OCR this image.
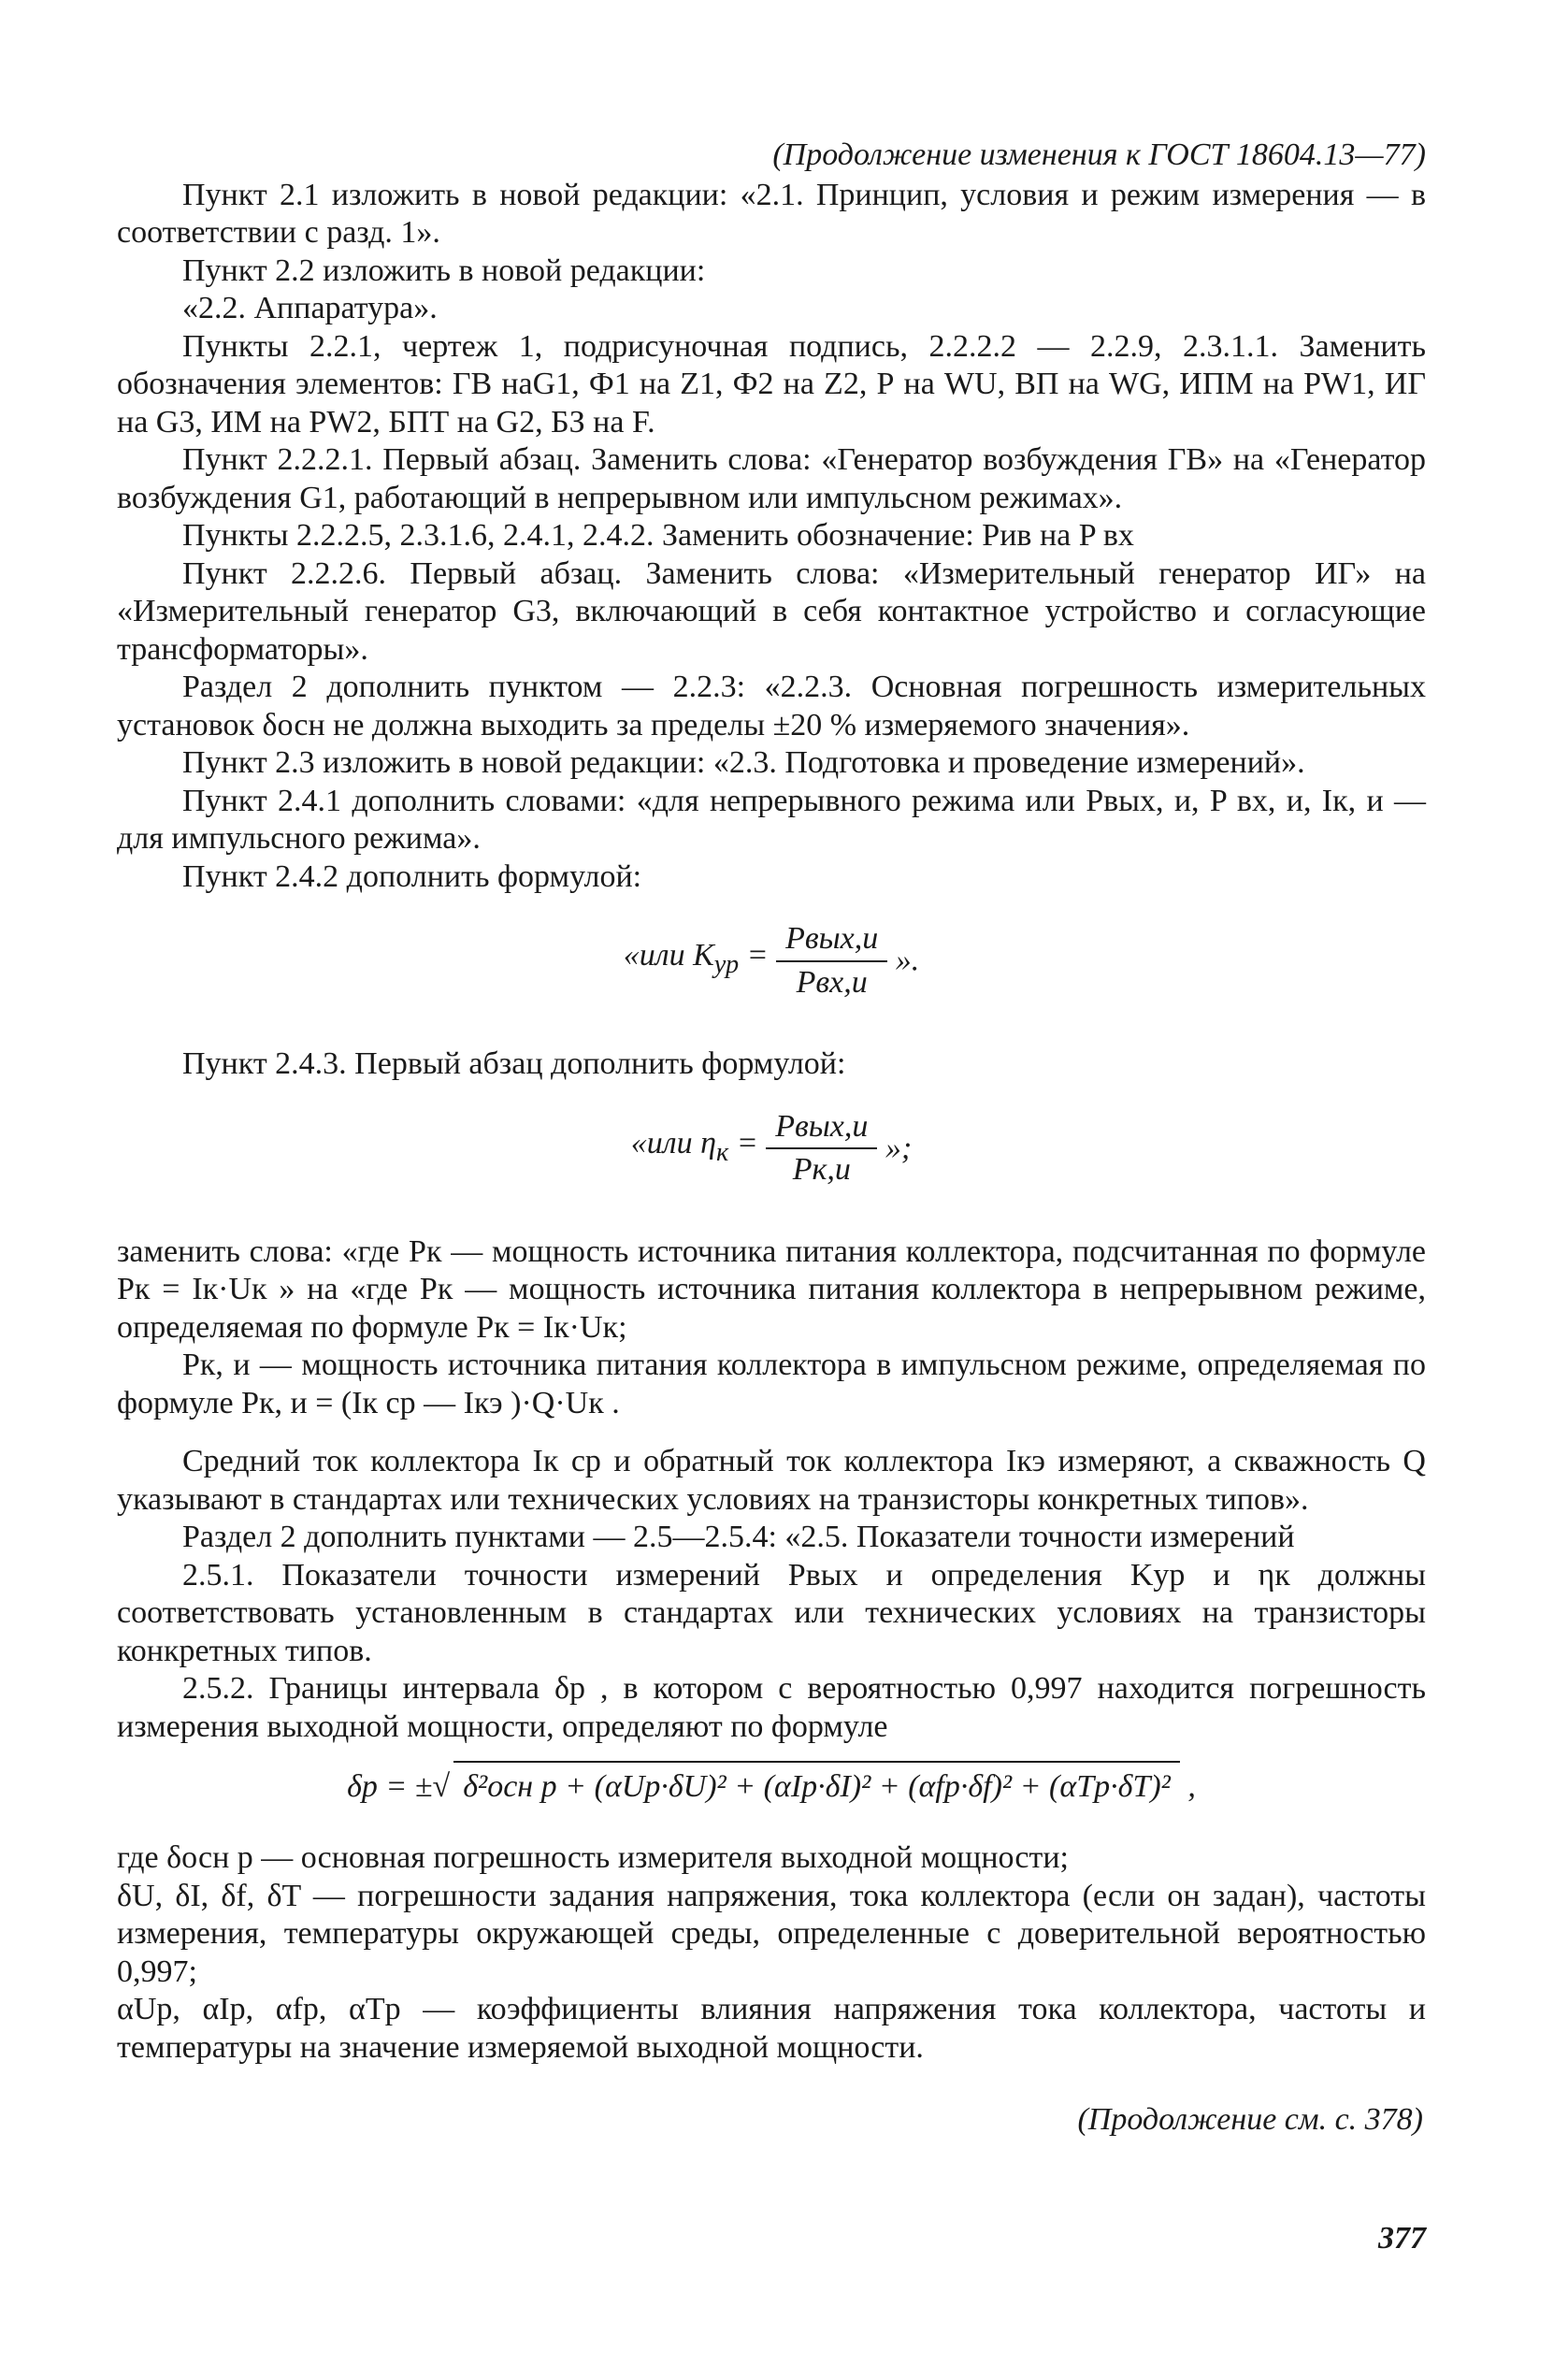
(Продолжение изменения к ГОСТ 18604.13—77)

Пункт 2.1 изложить в новой редакции: «2.1. Принцип, условия и режим измерения — в соответствии с разд. 1».

Пункт 2.2 изложить в новой редакции:

«2.2. Аппаратура».

Пункты 2.2.1, чертеж 1, подрисуночная подпись, 2.2.2.2 — 2.2.9, 2.3.1.1. Заменить обозначения элементов: ГВ наG1, Ф1 на Z1, Ф2 на Z2, Р на WU, ВП на WG, ИПМ на PW1, ИГ на G3, ИМ на PW2, БПТ на G2, БЗ на F.

Пункт 2.2.2.1. Первый абзац. Заменить слова: «Генератор возбуждения ГВ» на «Генератор возбуждения G1, работающий в непрерывном или импульсном режимах».

Пункты 2.2.2.5, 2.3.1.6, 2.4.1, 2.4.2. Заменить обозначение: Pив на P вх

Пункт 2.2.2.6. Первый абзац. Заменить слова: «Измерительный генератор ИГ» на «Измерительный генератор G3, включающий в себя контактное устройство и согласующие трансформаторы».

Раздел 2 дополнить пунктом — 2.2.3: «2.2.3. Основная погрешность измерительных установок δосн не должна выходить за пределы ±20 % измеряемого значения».

Пункт 2.3 изложить в новой редакции: «2.3. Подготовка и проведение измерений».

Пункт 2.4.1 дополнить словами: «для непрерывного режима или Pвых, и, P вх, и, Iк, и — для импульсного режима».

Пункт 2.4.2 дополнить формулой:

«или $K_{ур} = \frac{\text{Pвых,и}}{\text{Pвх,и}}$ ».

Пункт 2.4.3. Первый абзац дополнить формулой:

«или $\eta_к = \frac{\text{Pвых,и}}{Pк,и}$ »;

заменить слова: «где Pк — мощность источника питания коллектора, подсчитанная по формуле Pк = Iк·Uк » на «где Pк — мощность источника питания коллектора в непрерывном режиме, определяемая по формуле Pк = Iк·Uк;

Pк, и — мощность источника питания коллектора в импульсном режиме, определяемая по формуле Pк, и = (Iк ср — Iкэ )·Q·Uк .

Средний ток коллектора Iк ср и обратный ток коллектора Iкэ измеряют, а скважность Q указывают в стандартах или технических условиях на транзисторы конкретных типов».

Раздел 2 дополнить пунктами — 2.5—2.5.4: «2.5. Показатели точности измерений

2.5.1. Показатели точности измерений Pвых и определения Kур и ηк должны соответствовать установленным в стандартах или технических условиях на транзисторы конкретных типов.

2.5.2. Границы интервала δр , в котором с вероятностью 0,997 находится погрешность измерения выходной мощности, определяют по формуле

δр = ±√ δ²осн р + (αUр·δU)² + (αIр·δI)² + (αfр·δf)² + (αTр·δT)² ,

где δосн р — основная погрешность измерителя выходной мощности;

δU, δI, δf, δT — погрешности задания напряжения, тока коллектора (если он задан), частоты измерения, температуры окружающей среды, определенные с доверительной вероятностью 0,997;

αUр, αIр, αfр, αTр — коэффициенты влияния напряжения тока коллектора, частоты и температуры на значение измеряемой выходной мощности.

(Продолжение см. с. 378)
377
